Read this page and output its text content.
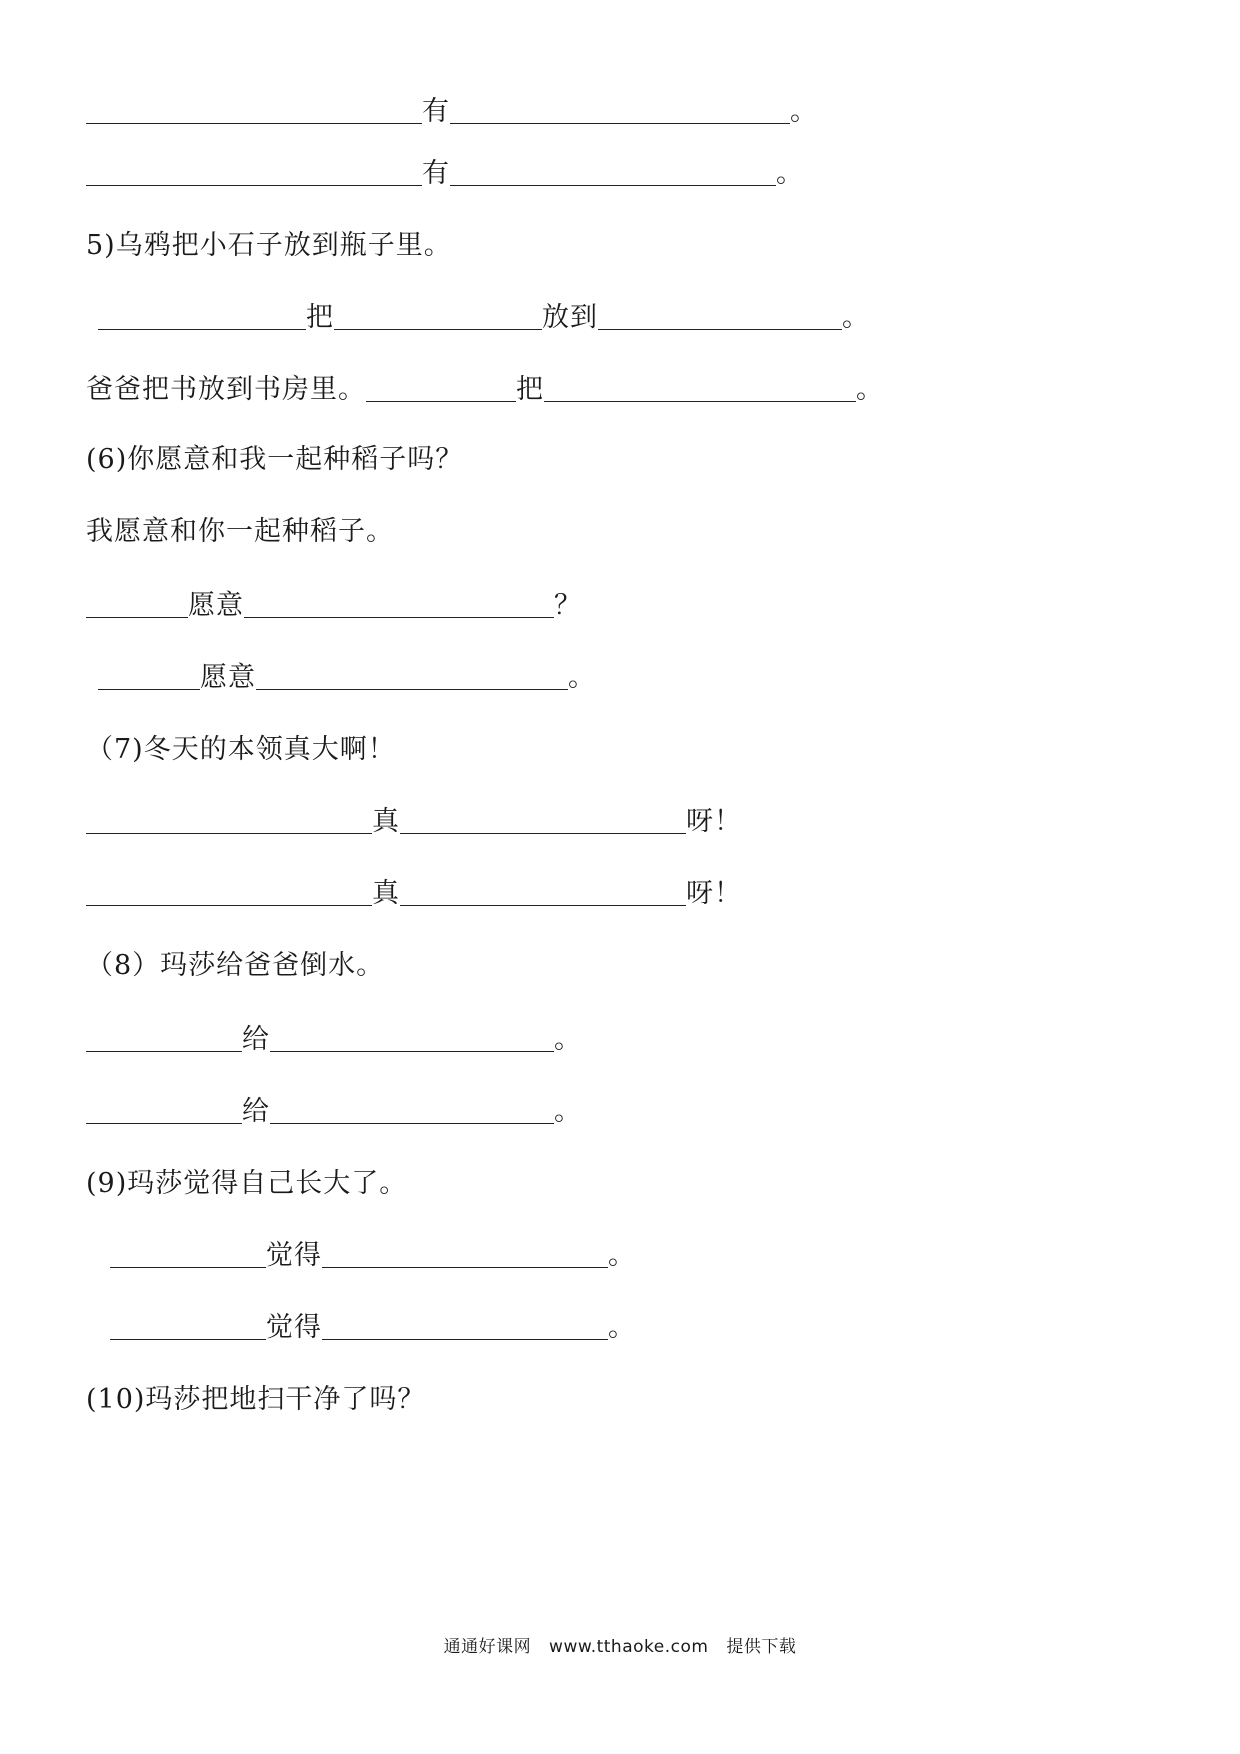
有	。
有	。
5)乌鸦把小石子放到瓶子里。
把	放到	。
爸爸把书放到书房里。	把	。
(6)你愿意和我一起种稻子吗？
我愿意和你一起种稻子。
愿意	？
愿意	。
（7)冬天的本领真大啊！
真	呀！
真	呀！
（8）玛莎给爸爸倒水。
给	。
给	。
(9)玛莎觉得自己长大了。
觉得	。
觉得	。
(10)玛莎把地扫干净了吗？
通通好课网 www.tthaoke.com 提供下载
